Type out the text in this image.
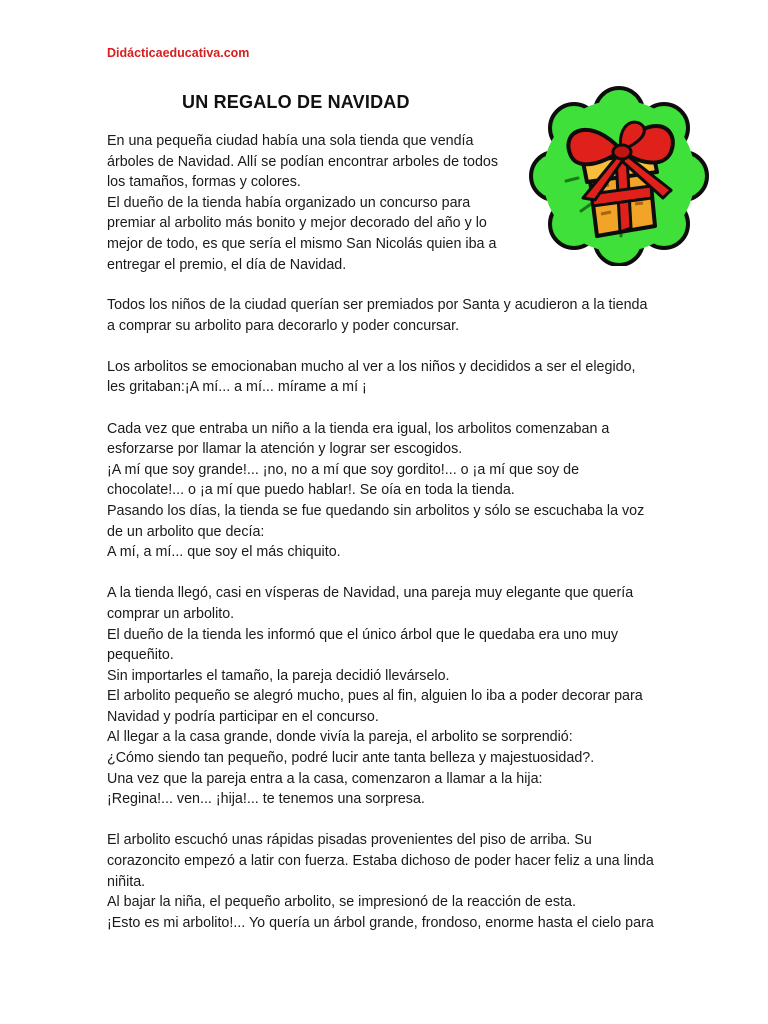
Didácticaeducativa.com
UN REGALO DE NAVIDAD
En una pequeña ciudad había una sola tienda que vendía
árboles de Navidad. Allí se podían encontrar arboles de todos
los tamaños, formas y colores.
El dueño de la tienda había organizado un concurso para
premiar al arbolito más bonito y mejor decorado del año y lo
mejor de todo, es que sería el mismo San Nicolás quien iba a
entregar el premio, el día de Navidad.
Todos los niños de la ciudad querían ser premiados por Santa y acudieron a la tienda
a comprar su arbolito para decorarlo y poder concursar.
Los arbolitos se emocionaban mucho al ver a los niños y decididos a ser el elegido,
les gritaban:¡A mí... a mí... mírame a mí ¡
Cada vez que entraba un niño a la tienda era igual, los arbolitos comenzaban a
esforzarse por llamar la atención y lograr ser escogidos.
¡A mí que soy grande!... ¡no, no a mí que soy gordito!... o ¡a mí que soy de
chocolate!... o ¡a mí que puedo hablar!. Se oía en toda la tienda.
Pasando los días, la tienda se fue quedando sin arbolitos y sólo se escuchaba la voz
de un arbolito que decía:
A mí, a mí... que soy el más chiquito.
A la tienda llegó, casi en vísperas de Navidad, una pareja muy elegante que quería
comprar un arbolito.
El dueño de la tienda les informó que el único árbol que le quedaba era uno muy
pequeñito.
Sin importarles el tamaño, la pareja decidió llevárselo.
El arbolito pequeño se alegró mucho, pues al fin, alguien lo iba a poder decorar para
Navidad y podría participar en el concurso.
Al llegar a la casa grande, donde vivía la pareja, el arbolito se sorprendió:
¿Cómo siendo tan pequeño, podré lucir ante tanta belleza y majestuosidad?.
Una vez que la pareja entra a la casa, comenzaron a llamar a la hija:
¡Regina!... ven... ¡hija!... te tenemos una sorpresa.
El arbolito escuchó unas rápidas pisadas provenientes del piso de arriba. Su
corazoncito empezó a latir con fuerza. Estaba dichoso de poder hacer feliz a una linda
niñita.
Al bajar la niña, el pequeño arbolito, se impresionó de la reacción de esta.
¡Esto es mi arbolito!... Yo quería un árbol grande, frondoso, enorme hasta el cielo para
